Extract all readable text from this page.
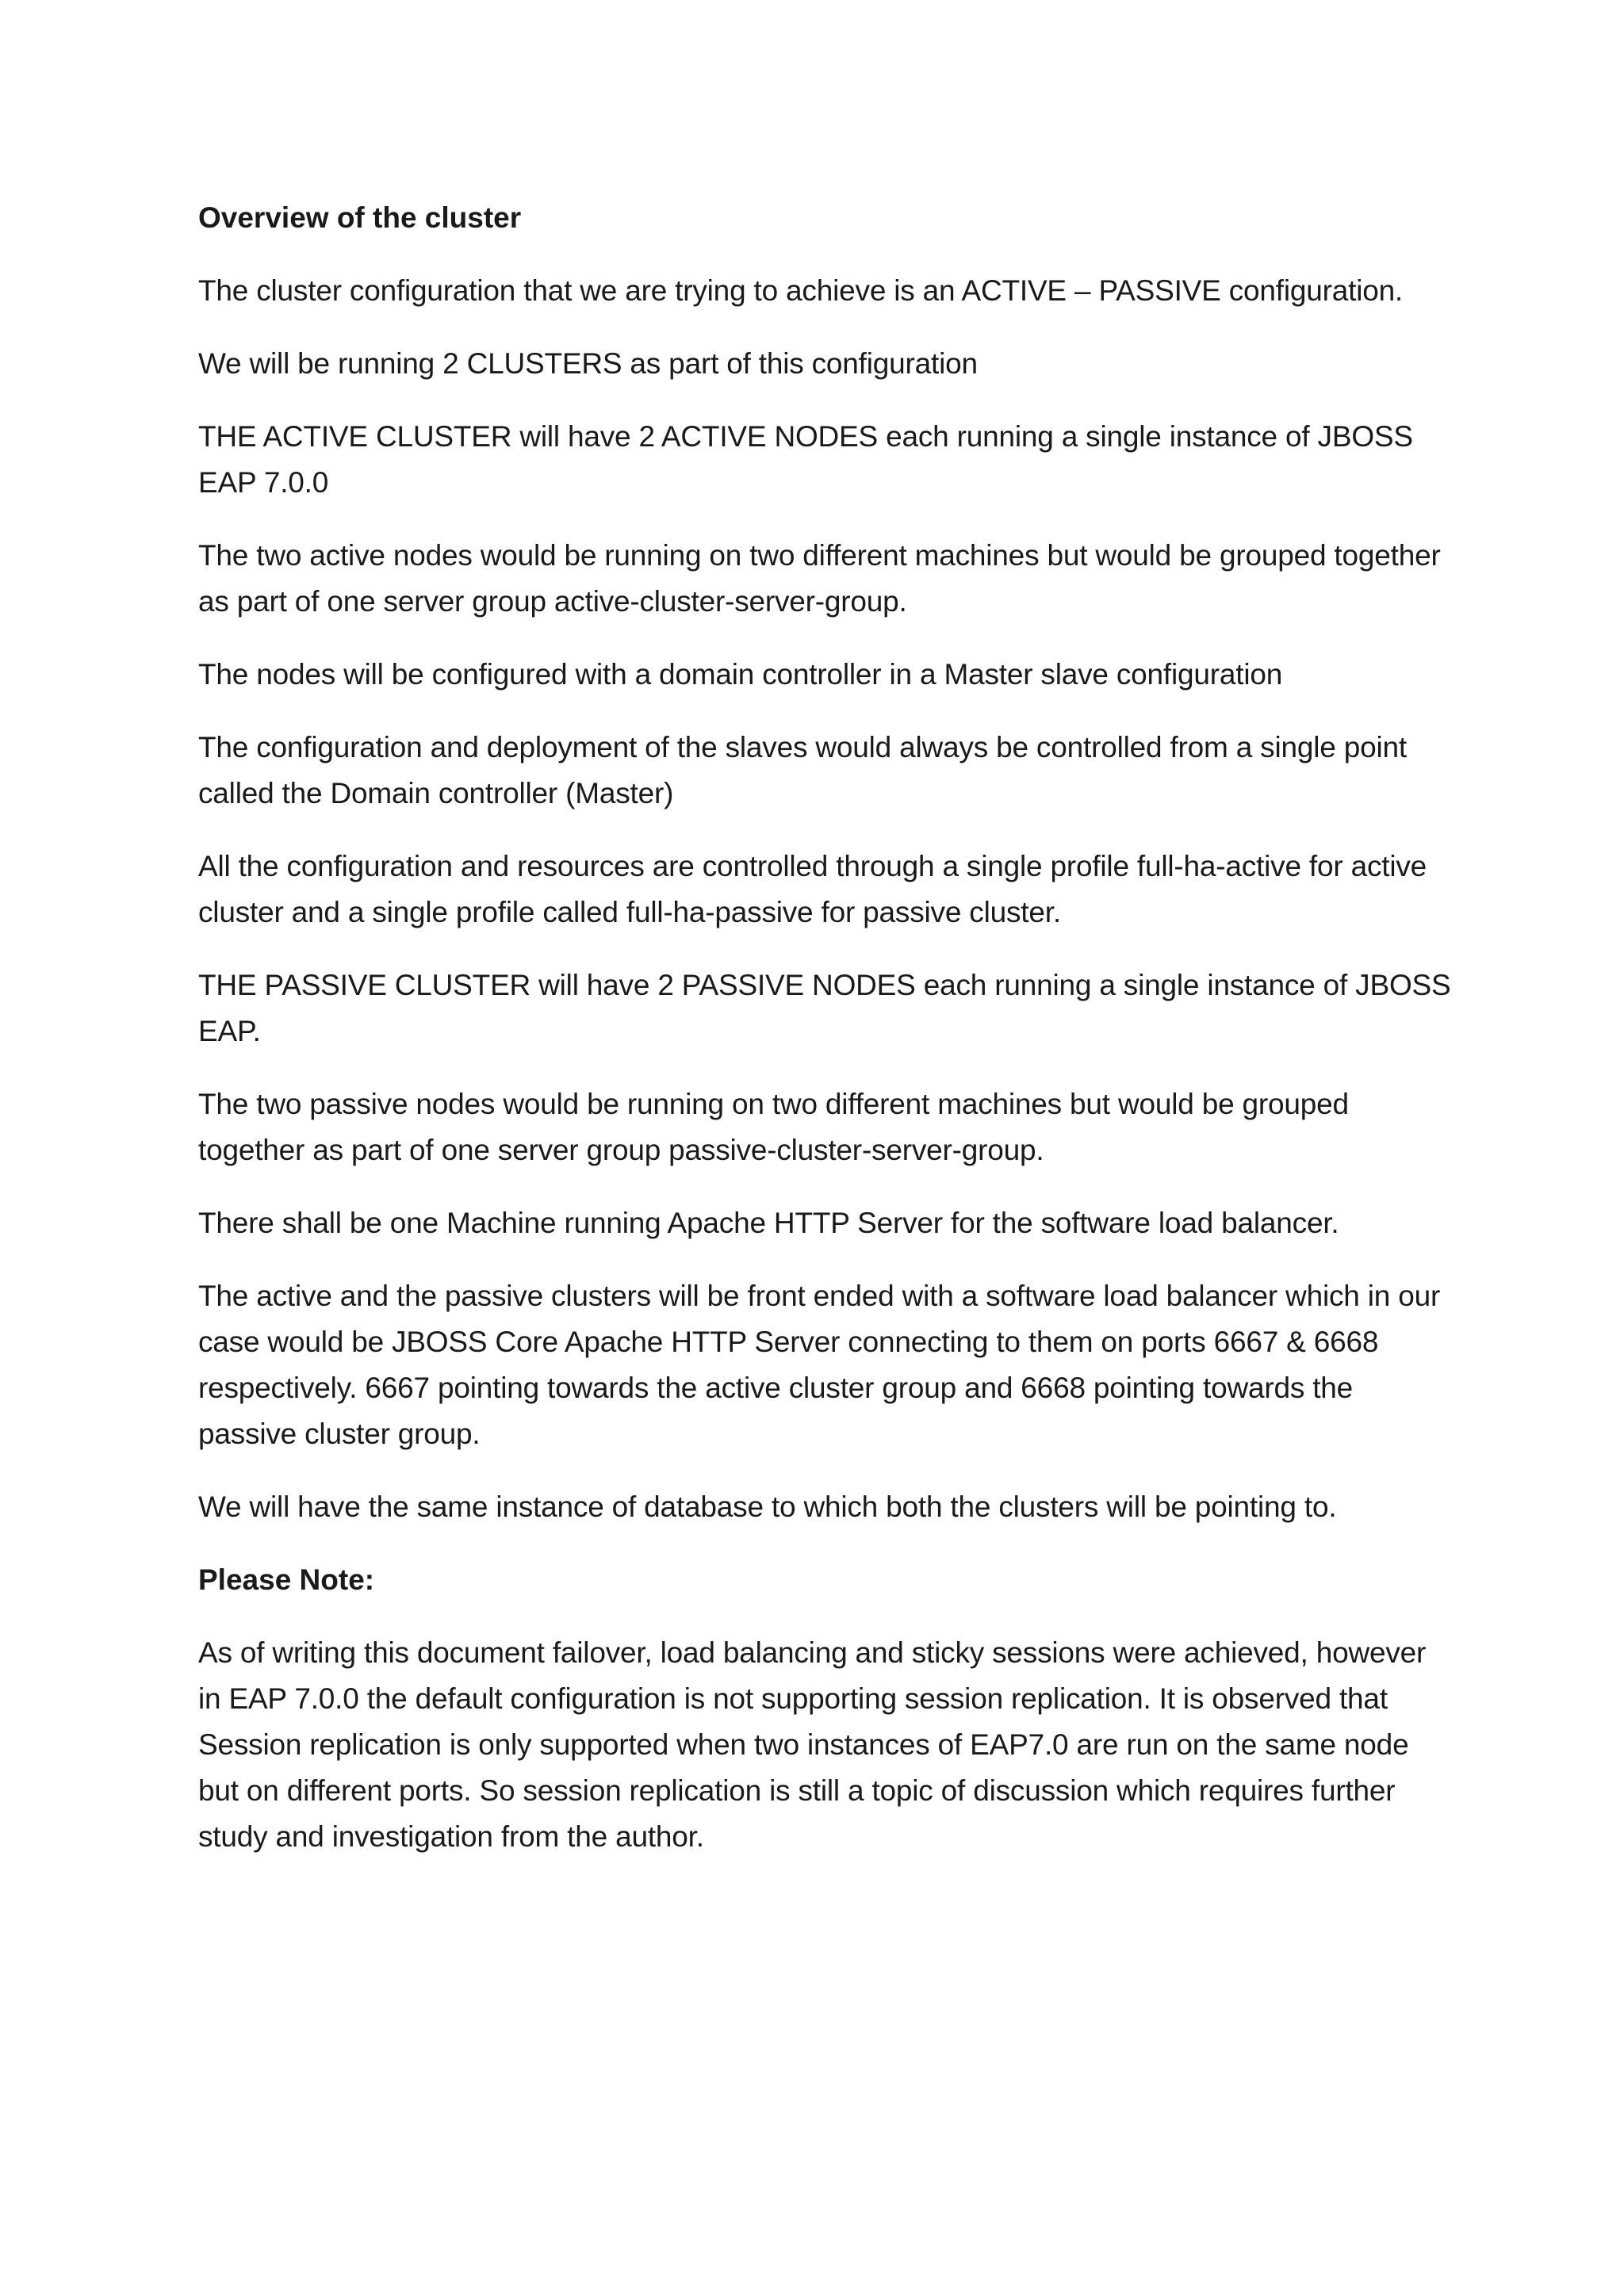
Overview of the cluster

The cluster configuration that we are trying to achieve is an ACTIVE – PASSIVE configuration.

We will be running 2 CLUSTERS as part of this configuration

THE ACTIVE CLUSTER will have 2 ACTIVE NODES each running a single instance of JBOSS EAP 7.0.0

The two active nodes would be running on two different machines but would be grouped together as part of one server group active-cluster-server-group.

The nodes will be configured with a domain controller in a Master slave configuration

The configuration and deployment of the slaves would always be controlled from a single point called the Domain controller (Master)

All the configuration and resources are controlled through a single profile full-ha-active for active cluster and a single profile called full-ha-passive for passive cluster.

THE PASSIVE CLUSTER will have 2 PASSIVE NODES each running a single instance of JBOSS EAP.

The two passive nodes would be running on two different machines but would be grouped together as part of one server group passive-cluster-server-group.

There shall be one Machine running Apache HTTP Server for the software load balancer.

The active and the passive clusters will be front ended with a software load balancer which in our case would be JBOSS Core Apache HTTP Server connecting to them on ports 6667 & 6668 respectively. 6667 pointing towards the active cluster group and 6668 pointing towards the passive cluster group.

We will have the same instance of database to which both the clusters will be pointing to.

Please Note:

As of writing this document failover, load balancing and sticky sessions were achieved, however in EAP 7.0.0 the default configuration is not supporting session replication. It is observed that Session replication is only supported when two instances of EAP7.0 are run on the same node but on different ports. So session replication is still a topic of discussion which requires further study and investigation from the author.
